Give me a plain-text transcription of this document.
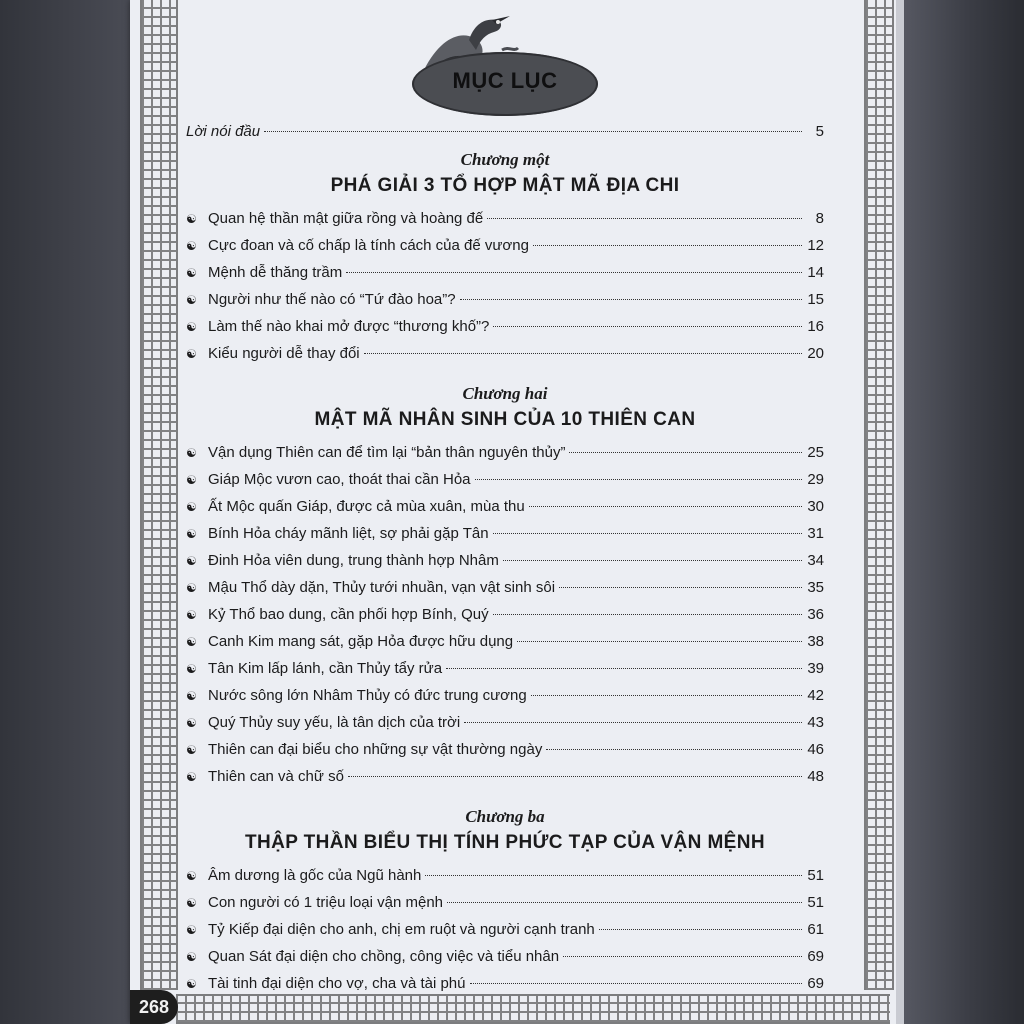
268
MỤC LỤC
Lời nói đầu	5
Chương một
PHÁ GIẢI 3 TỔ HỢP MẬT MÃ ĐỊA CHI
☯ Quan hệ thần mật giữa rồng và hoàng đế	8
☯ Cực đoan và cố chấp là tính cách của đế vương	12
☯ Mệnh dễ thăng trầm	14
☯ Người như thế nào có “Tứ đào hoa”?	15
☯ Làm thế nào khai mở được “thương khố”?	16
☯ Kiểu người dễ thay đổi	20
Chương hai
MẬT MÃ NHÂN SINH CỦA 10 THIÊN CAN
☯ Vận dụng Thiên can để tìm lại “bản thân nguyên thủy”	25
☯ Giáp Mộc vươn cao, thoát thai cần Hỏa	29
☯ Ất Mộc quấn Giáp, được cả mùa xuân, mùa thu	30
☯ Bính Hỏa cháy mãnh liệt, sợ phải gặp Tân	31
☯ Đinh Hỏa viên dung, trung thành hợp Nhâm	34
☯ Mậu Thổ dày dặn, Thủy tưới nhuần, vạn vật sinh sôi	35
☯ Kỷ Thổ bao dung, cần phối hợp Bính, Quý	36
☯ Canh Kim mang sát, gặp Hỏa được hữu dụng	38
☯ Tân Kim lấp lánh, cần Thủy tẩy rửa	39
☯ Nước sông lớn Nhâm Thủy có đức trung cương	42
☯ Quý Thủy suy yếu, là tân dịch của trời	43
☯ Thiên can đại biểu cho những sự vật thường ngày	46
☯ Thiên can và chữ số	48
Chương ba
THẬP THẦN BIỂU THỊ TÍNH PHỨC TẠP CỦA VẬN MỆNH
☯ Âm dương là gốc của Ngũ hành	51
☯ Con người có 1 triệu loại vận mệnh	51
☯ Tỷ Kiếp đại diện cho anh, chị em ruột và người cạnh tranh	61
☯ Quan Sát đại diện cho chồng, công việc và tiểu nhân	69
☯ Tài tinh đại diện cho vợ, cha và tài phú	69
